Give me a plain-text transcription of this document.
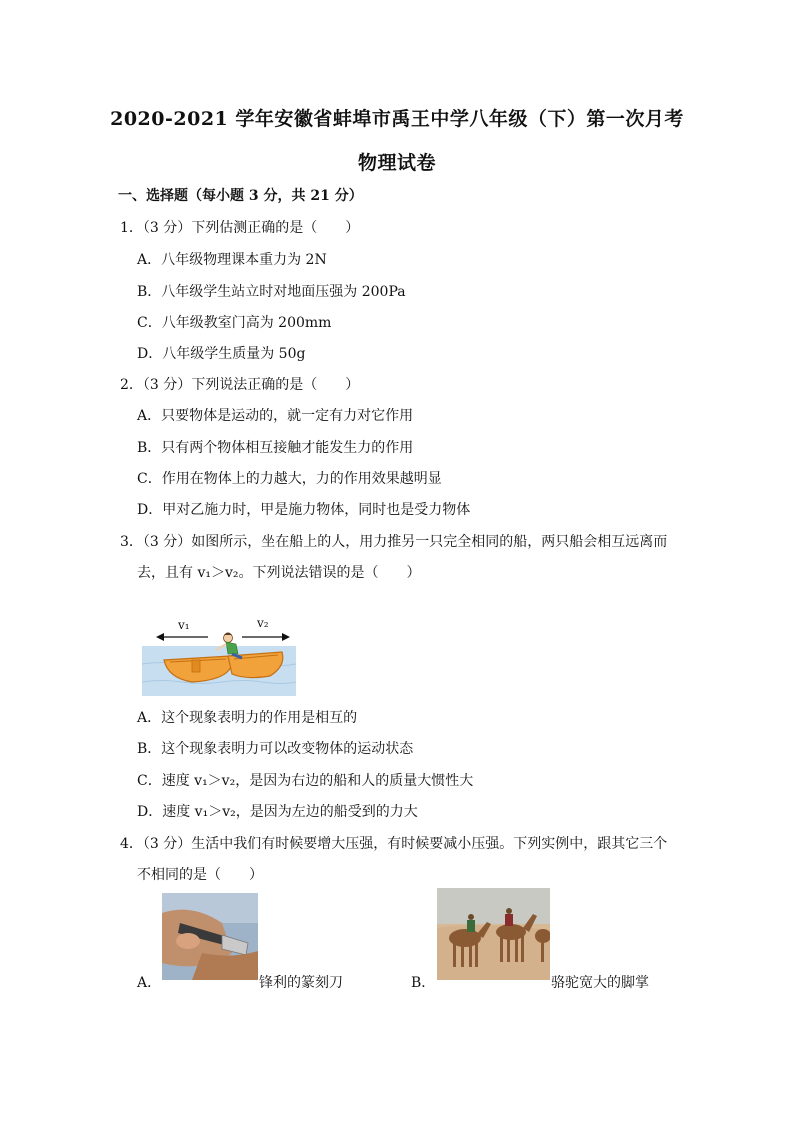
2020-2021 学年安徽省蚌埠市禹王中学八年级（下）第一次月考
物理试卷
一、选择题（每小题 3 分，共 21 分）
1．（3 分）下列估测正确的是（　　）
A．八年级物理课本重力为 2N
B．八年级学生站立时对地面压强为 200Pa
C．八年级教室门高为 200mm
D．八年级学生质量为 50g
2．（3 分）下列说法正确的是（　　）
A．只要物体是运动的，就一定有力对它作用
B．只有两个物体相互接触才能发生力的作用
C．作用在物体上的力越大，力的作用效果越明显
D．甲对乙施力时，甲是施力物体，同时也是受力物体
3．（3 分）如图所示，坐在船上的人，用力推另一只完全相同的船，两只船会相互远离而
去，且有 v₁＞v₂。下列说法错误的是（　　）
v₁	v₂
A．这个现象表明力的作用是相互的
B．这个现象表明力可以改变物体的运动状态
C．速度 v₁＞v₂，是因为右边的船和人的质量大惯性大
D．速度 v₁＞v₂，是因为左边的船受到的力大
4．（3 分）生活中我们有时候要增大压强，有时候要减小压强。下列实例中，跟其它三个
不相同的是（　　）
A．	锋利的篆刻刀	B．	骆驼宽大的脚掌
